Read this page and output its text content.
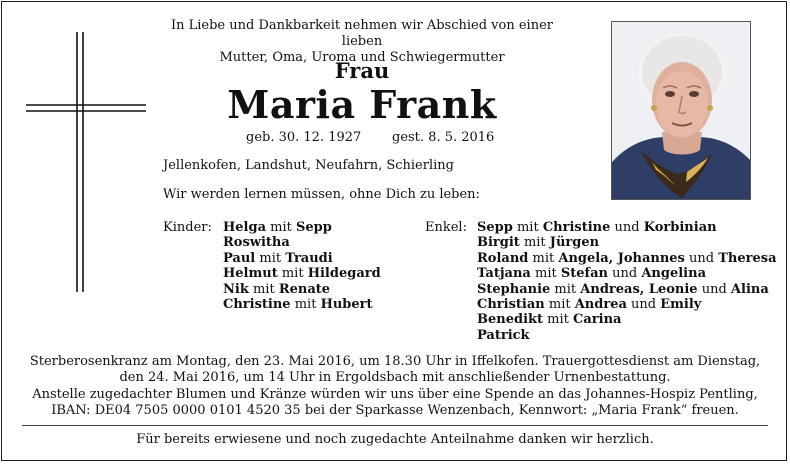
In Liebe und Dankbarkeit nehmen wir Abschied von einer lieben
Mutter, Oma, Uroma und Schwiegermutter
Frau
Maria Frank
geb. 30. 12. 1927 gest. 8. 5. 2016
Jellenkofen, Landshut, Neufahrn, Schierling
Wir werden lernen müssen, ohne Dich zu leben:
Kinder: Helga mit Sepp
Roswitha
Paul mit Traudi
Helmut mit Hildegard
Nik mit Renate
Christine mit Hubert
Enkel: Sepp mit Christine und Korbinian
Birgit mit Jürgen
Roland mit Angela, Johannes und Theresa
Tatjana mit Stefan und Angelina
Stephanie mit Andreas, Leonie und Alina
Christian mit Andrea und Emily
Benedikt mit Carina
Patrick
Sterberosenkranz am Montag, den 23. Mai 2016, um 18.30 Uhr in Iffelkofen. Trauergottesdienst am Dienstag,
den 24. Mai 2016, um 14 Uhr in Ergoldsbach mit anschließender Urnenbestattung.
Anstelle zugedachter Blumen und Kränze würden wir uns über eine Spende an das Johannes-Hospiz Pentling,
IBAN: DE04 7505 0000 0101 4520 35 bei der Sparkasse Wenzenbach, Kennwort: „Maria Frank“ freuen.
Für bereits erwiesene und noch zugedachte Anteilnahme danken wir herzlich.
